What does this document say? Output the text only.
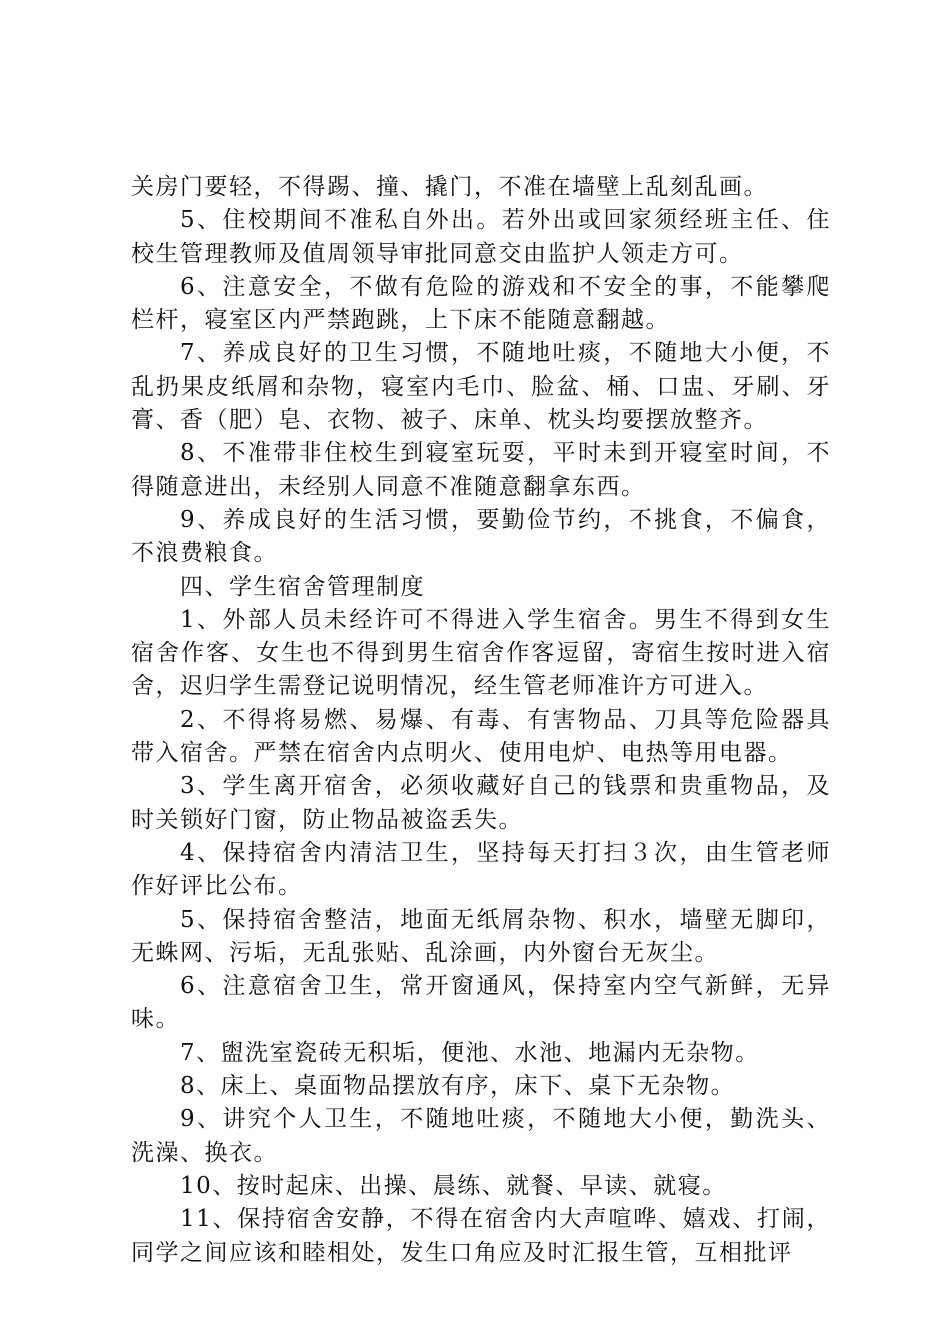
关房门要轻，不得踢、撞、撬门，不准在墙壁上乱刻乱画。

5、住校期间不准私自外出。若外出或回家须经班主任、住校生管理教师及值周领导审批同意交由监护人领走方可。

6、注意安全，不做有危险的游戏和不安全的事，不能攀爬栏杆，寝室区内严禁跑跳，上下床不能随意翻越。

7、养成良好的卫生习惯，不随地吐痰，不随地大小便，不乱扔果皮纸屑和杂物，寝室内毛巾、脸盆、桶、口盅、牙刷、牙膏、香（肥）皂、衣物、被子、床单、枕头均要摆放整齐。

8、不准带非住校生到寝室玩耍，平时未到开寝室时间，不得随意进出，未经别人同意不准随意翻拿东西。

9、养成良好的生活习惯，要勤俭节约，不挑食，不偏食，不浪费粮食。

四、学生宿舍管理制度

1、外部人员未经许可不得进入学生宿舍。男生不得到女生宿舍作客、女生也不得到男生宿舍作客逗留，寄宿生按时进入宿舍，迟归学生需登记说明情况，经生管老师准许方可进入。

2、不得将易燃、易爆、有毒、有害物品、刀具等危险器具带入宿舍。严禁在宿舍内点明火、使用电炉、电热等用电器。

3、学生离开宿舍，必须收藏好自己的钱票和贵重物品，及时关锁好门窗，防止物品被盗丢失。

4、保持宿舍内清洁卫生，坚持每天打扫３次，由生管老师作好评比公布。

5、保持宿舍整洁，地面无纸屑杂物、积水，墙壁无脚印，无蛛网、污垢，无乱张贴、乱涂画，内外窗台无灰尘。

6、注意宿舍卫生，常开窗通风，保持室内空气新鲜，无异味。

7、盥洗室瓷砖无积垢，便池、水池、地漏内无杂物。

8、床上、桌面物品摆放有序，床下、桌下无杂物。

9、讲究个人卫生，不随地吐痰，不随地大小便，勤洗头、洗澡、换衣。

10、按时起床、出操、晨练、就餐、早读、就寝。

11、保持宿舍安静，不得在宿舍内大声喧哗、嬉戏、打闹，同学之间应该和睦相处，发生口角应及时汇报生管，互相批评
